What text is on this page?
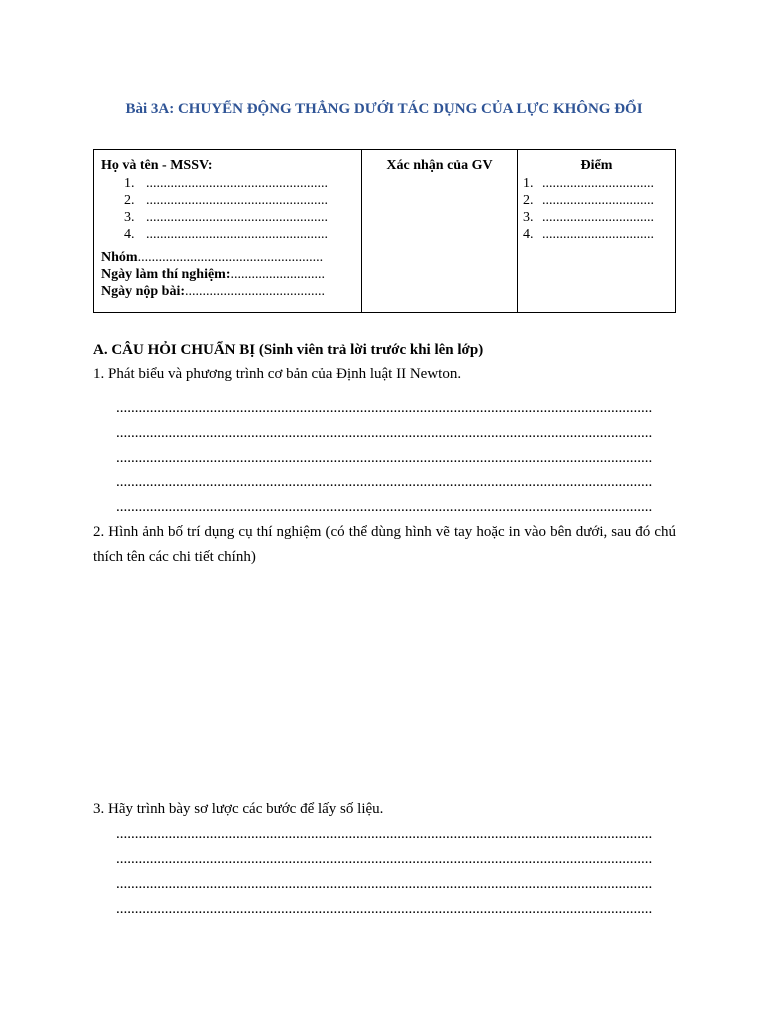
Bài 3A: CHUYỂN ĐỘNG THẲNG DƯỚI TÁC DỤNG CỦA LỰC KHÔNG ĐỔI
Họ và tên - MSSV:
1. ....................................................
2. ....................................................
3. ....................................................
4. ....................................................
Nhóm.....................................................
Ngày làm thí nghiệm:...........................
Ngày nộp bài:........................................

Xác nhận của GV	Điểm
1. ................................
2. ................................
3. ................................
4. ................................
A. CÂU HỎI CHUẨN BỊ (Sinh viên trả lời trước khi lên lớp)
1. Phát biểu và phương trình cơ bản của Định luật II Newton.
...............................................................................................................................................
...............................................................................................................................................
...............................................................................................................................................
...............................................................................................................................................
...............................................................................................................................................
2. Hình ảnh bố trí dụng cụ thí nghiệm (có thể dùng hình vẽ tay hoặc in vào bên dưới, sau đó chú thích tên các chi tiết chính)
3. Hãy trình bày sơ lược các bước để lấy số liệu.
...............................................................................................................................................
...............................................................................................................................................
...............................................................................................................................................
...............................................................................................................................................
